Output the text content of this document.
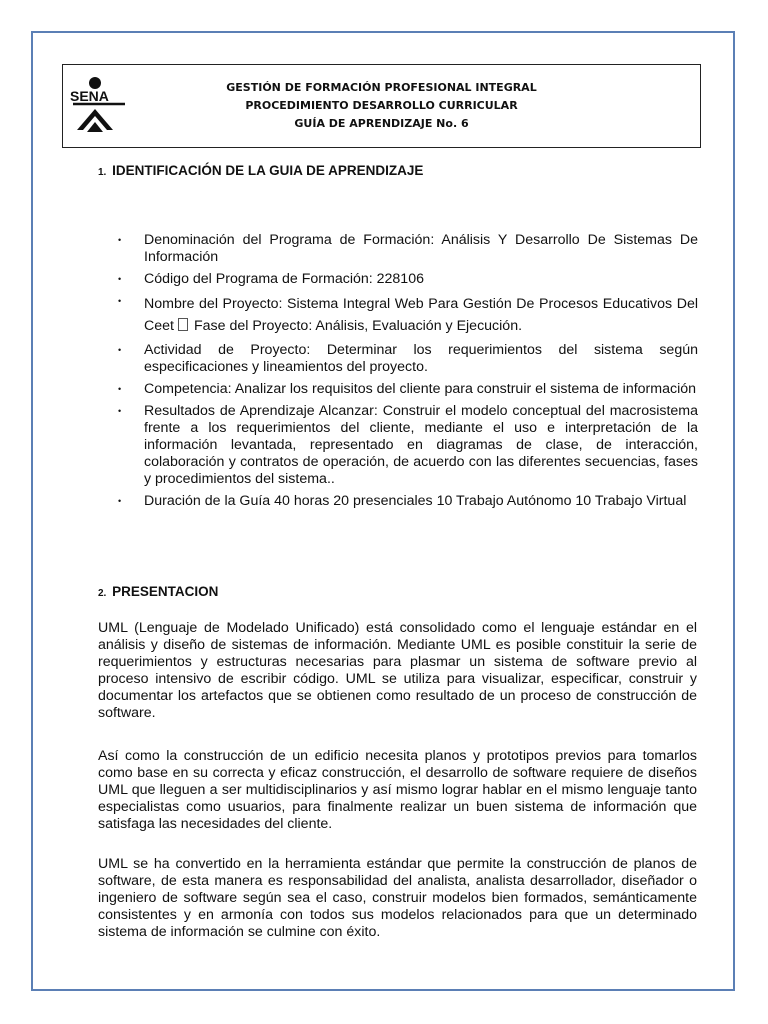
SENA
GESTIÓN DE FORMACIÓN PROFESIONAL INTEGRAL
PROCEDIMIENTO DESARROLLO CURRICULAR
GUÍA DE APRENDIZAJE No. 6
1. IDENTIFICACIÓN DE LA GUIA DE APRENDIZAJE
• Denominación del Programa de Formación: Análisis Y Desarrollo De Sistemas De Información
• Código del Programa de Formación: 228106
• Nombre del Proyecto: Sistema Integral Web Para Gestión De Procesos Educativos Del Ceet Fase del Proyecto: Análisis, Evaluación y Ejecución.
• Actividad de Proyecto: Determinar los requerimientos del sistema según especificaciones y lineamientos del proyecto.
• Competencia: Analizar los requisitos del cliente para construir el sistema de información
• Resultados de Aprendizaje Alcanzar: Construir el modelo conceptual del macrosistema frente a los requerimientos del cliente, mediante el uso e interpretación de la información levantada, representado en diagramas de clase, de interacción, colaboración y contratos de operación, de acuerdo con las diferentes secuencias, fases y procedimientos del sistema..
• Duración de la Guía 40 horas 20 presenciales 10 Trabajo Autónomo 10 Trabajo Virtual
2. PRESENTACION

UML (Lenguaje de Modelado Unificado) está consolidado como el lenguaje estándar en el análisis y diseño de sistemas de información. Mediante UML es posible constituir la serie de requerimientos y estructuras necesarias para plasmar un sistema de software previo al proceso intensivo de escribir código. UML se utiliza para visualizar, especificar, construir y documentar los artefactos que se obtienen como resultado de un proceso de construcción de software.

Así como la construcción de un edificio necesita planos y prototipos previos para tomarlos como base en su correcta y eficaz construcción, el desarrollo de software requiere de diseños UML que lleguen a ser multidisciplinarios y así mismo lograr hablar en el mismo lenguaje tanto especialistas como usuarios, para finalmente realizar un buen sistema de información que satisfaga las necesidades del cliente.

UML se ha convertido en la herramienta estándar que permite la construcción de planos de software, de esta manera es responsabilidad del analista, analista desarrollador, diseñador o ingeniero de software según sea el caso, construir modelos bien formados, semánticamente consistentes y en armonía con todos sus modelos relacionados para que un determinado sistema de información se culmine con éxito.
